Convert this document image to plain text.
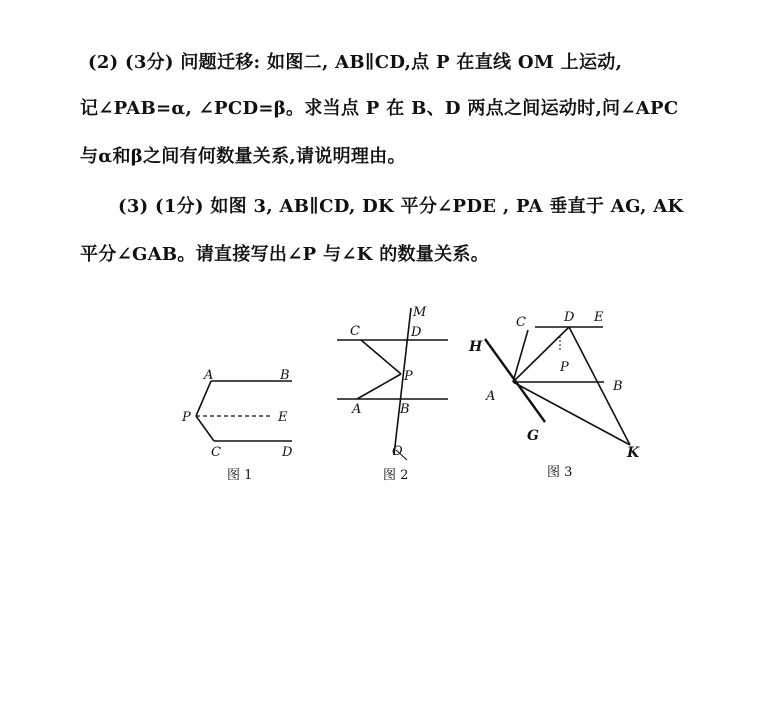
(2) (3分) 问题迁移: 如图二, AB∥CD,点 P 在直线 OM 上运动,
记∠PAB=α, ∠PCD=β。求当点 P 在 B、D 两点之间运动时,问∠APC
与α和β之间有何数量关系,请说明理由。
(3) (1分) 如图 3, AB∥CD, DK 平分∠PDE , PA 垂直于 AG, AK
平分∠GAB。请直接写出∠P 与∠K 的数量关系。
A	B
P	E
C	D
图 1
M
C	D
P
A	B
O
图 2
C	D E
H
P
A
B
G
K
图 3
